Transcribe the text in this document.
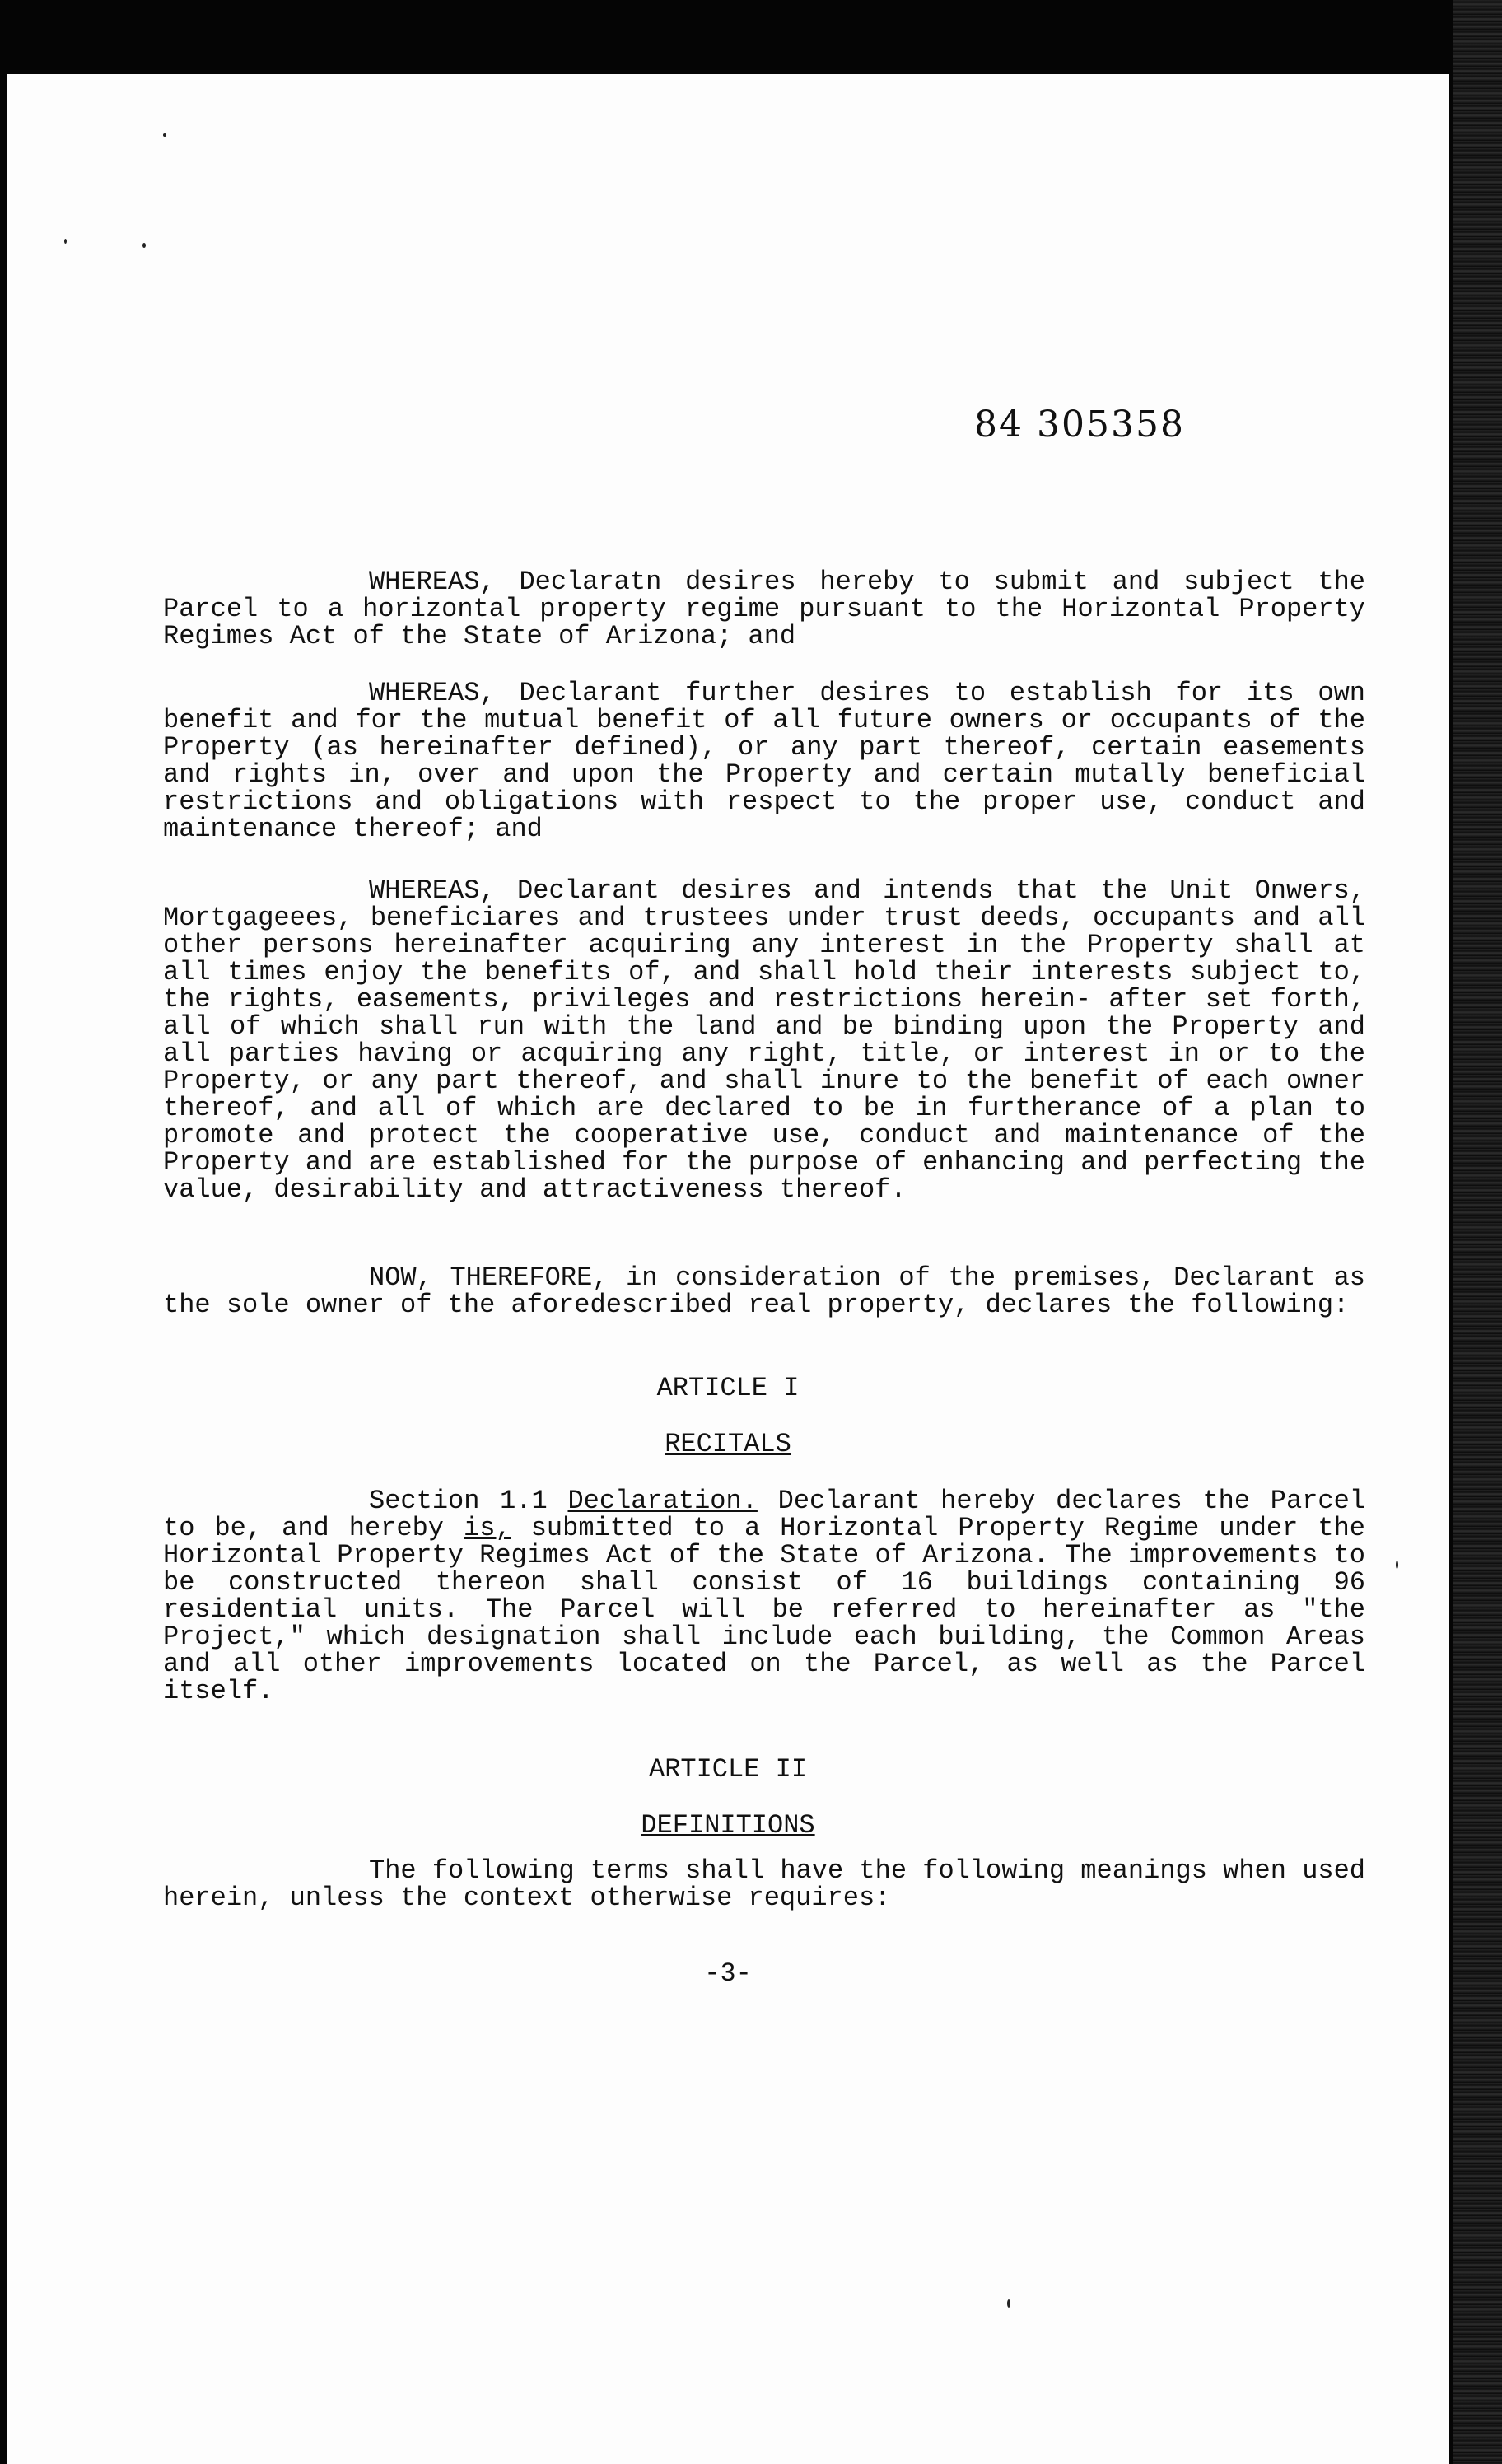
84 305358
WHEREAS, Declaratn desires hereby to submit and subject the Parcel to a horizontal property regime pursuant to the Horizontal Property Regimes Act of the State of Arizona; and
WHEREAS, Declarant further desires to establish for its own benefit and for the mutual benefit of all future owners or occupants of the Property (as hereinafter defined), or any part thereof, certain easements and rights in, over and upon the Property and certain mutally beneficial restrictions and obligations with respect to the proper use, conduct and maintenance thereof; and
WHEREAS, Declarant desires and intends that the Unit Onwers, Mortgageees, beneficiares and trustees under trust deeds, occupants and all other persons hereinafter acquiring any interest in the Property shall at all times enjoy the benefits of, and shall hold their interests subject to, the rights, easements, privileges and restrictions herein- after set forth, all of which shall run with the land and be binding upon the Property and all parties having or acquiring any right, title, or interest in or to the Property, or any part thereof, and shall inure to the benefit of each owner thereof, and all of which are declared to be in furtherance of a plan to promote and protect the cooperative use, conduct and maintenance of the Property and are established for the purpose of enhancing and perfecting the value, desirability and attractiveness thereof.
NOW, THEREFORE, in consideration of the premises, Declarant as the sole owner of the aforedescribed real property, declares the following:
ARTICLE I
RECITALS
Section 1.1 Declaration. Declarant hereby declares the Parcel to be, and hereby is, submitted to a Horizontal Property Regime under the Horizontal Property Regimes Act of the State of Arizona. The improvements to be constructed thereon shall consist of 16 buildings containing 96 residential units. The Parcel will be referred to hereinafter as "the Project," which designation shall include each building, the Common Areas and all other improvements located on the Parcel, as well as the Parcel itself.
ARTICLE II
DEFINITIONS
The following terms shall have the following meanings when used herein, unless the context otherwise requires:
-3-
